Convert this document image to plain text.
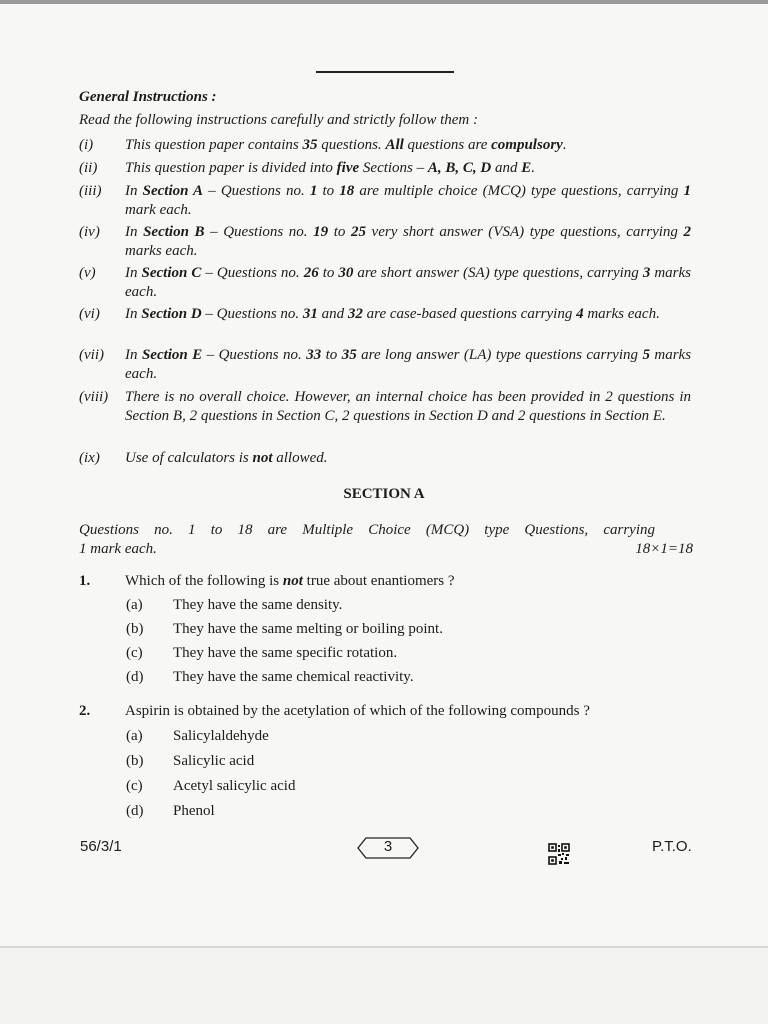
General Instructions :
Read the following instructions carefully and strictly follow them :
(i)	This question paper contains 35 questions. All questions are compulsory.
(ii)	This question paper is divided into five Sections – A, B, C, D and E.
(iii)	In Section A – Questions no. 1 to 18 are multiple choice (MCQ) type questions, carrying 1 mark each.
(iv)	In Section B – Questions no. 19 to 25 very short answer (VSA) type questions, carrying 2 marks each.
(v)	In Section C – Questions no. 26 to 30 are short answer (SA) type questions, carrying 3 marks each.
(vi)	In Section D – Questions no. 31 and 32 are case-based questions carrying 4 marks each.
(vii)	In Section E – Questions no. 33 to 35 are long answer (LA) type questions carrying 5 marks each.
(viii)	There is no overall choice. However, an internal choice has been provided in 2 questions in Section B, 2 questions in Section C, 2 questions in Section D and 2 questions in Section E.
(ix)	Use of calculators is not allowed.
SECTION A
Questions no. 1 to 18 are Multiple Choice (MCQ) type Questions, carrying
1 mark each.	18×1=18
1. Which of the following is not true about enantiomers ?
(a) They have the same density.
(b) They have the same melting or boiling point.
(c) They have the same specific rotation.
(d) They have the same chemical reactivity.
2. Aspirin is obtained by the acetylation of which of the following compounds ?
(a) Salicylaldehyde
(b) Salicylic acid
(c) Acetyl salicylic acid
(d) Phenol
56/3/1	3	P.T.O.
